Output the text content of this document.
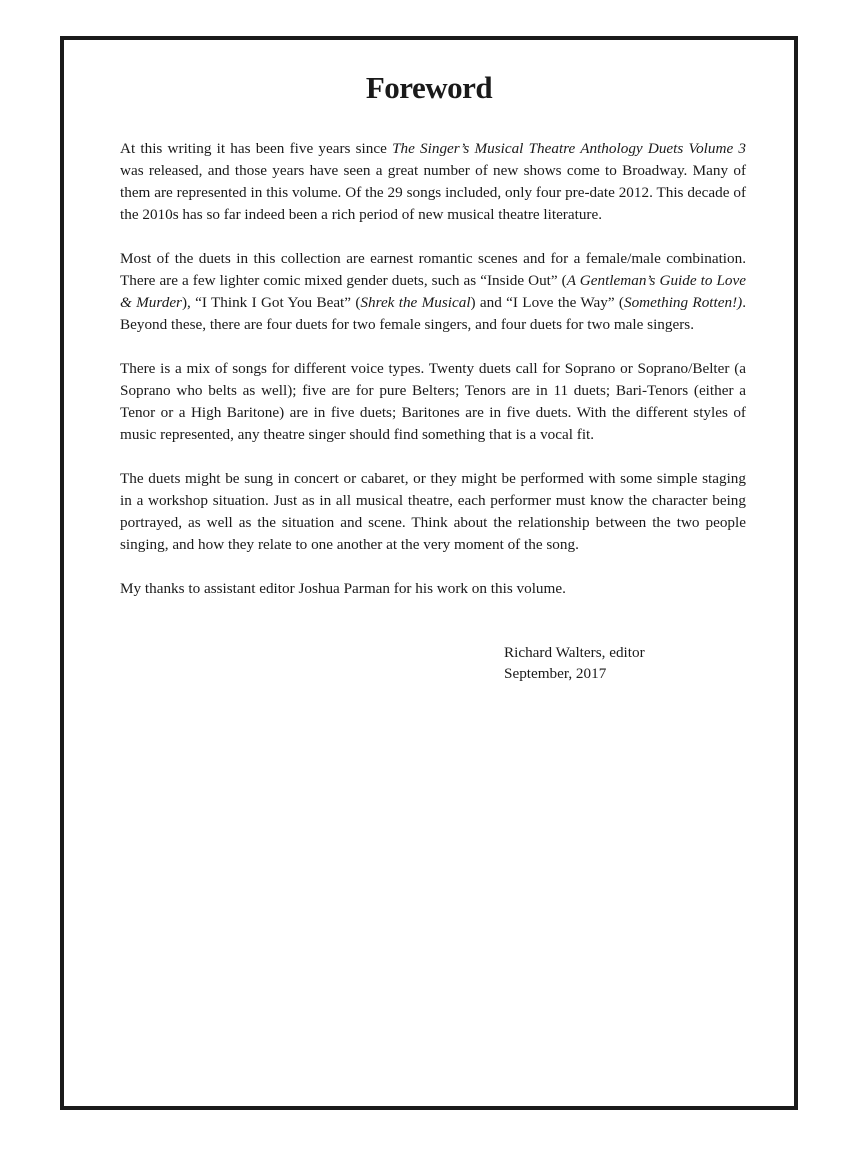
Foreword

At this writing it has been five years since The Singer’s Musical Theatre Anthology Duets Volume 3 was released, and those years have seen a great number of new shows come to Broadway. Many of them are represented in this volume. Of the 29 songs included, only four pre-date 2012. This decade of the 2010s has so far indeed been a rich period of new musical theatre literature.

Most of the duets in this collection are earnest romantic scenes and for a female/male combination. There are a few lighter comic mixed gender duets, such as “Inside Out” (A Gentleman’s Guide to Love & Murder), “I Think I Got You Beat” (Shrek the Musical) and “I Love the Way” (Something Rotten!). Beyond these, there are four duets for two female singers, and four duets for two male singers.

There is a mix of songs for different voice types. Twenty duets call for Soprano or Soprano/Belter (a Soprano who belts as well); five are for pure Belters; Tenors are in 11 duets; Bari-Tenors (either a Tenor or a High Baritone) are in five duets; Baritones are in five duets. With the different styles of music represented, any theatre singer should find something that is a vocal fit.

The duets might be sung in concert or cabaret, or they might be performed with some simple staging in a workshop situation. Just as in all musical theatre, each performer must know the character being portrayed, as well as the situation and scene. Think about the relationship between the two people singing, and how they relate to one another at the very moment of the song.

My thanks to assistant editor Joshua Parman for his work on this volume.

Richard Walters, editor
September, 2017
